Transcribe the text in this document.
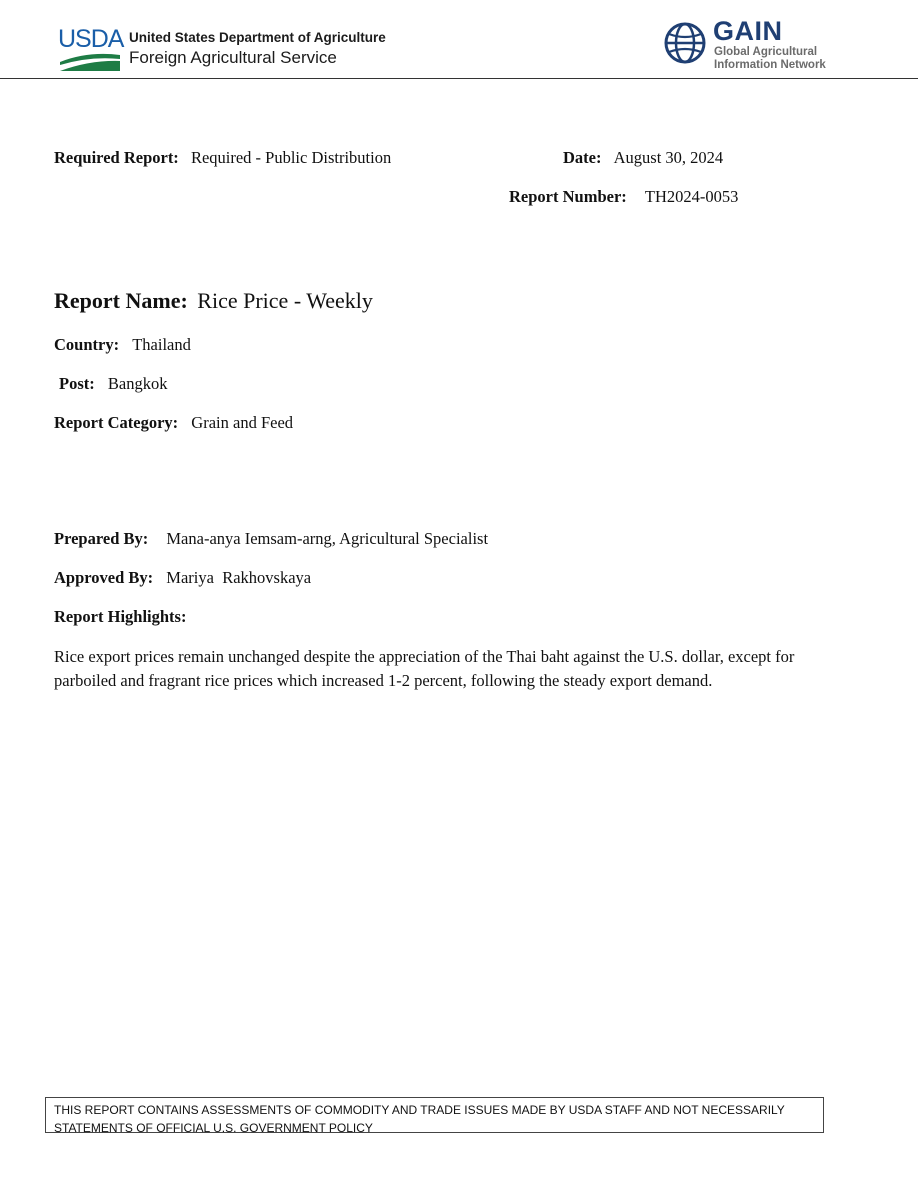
USDA United States Department of Agriculture
Foreign Agricultural Service
GAIN
Global Agricultural
Information Network
Required Report: Required - Public Distribution	Date: August 30, 2024
Report Number: TH2024-0053
Report Name: Rice Price - Weekly
Country: Thailand
Post: Bangkok
Report Category: Grain and Feed
Prepared By: Mana-anya Iemsam-arng, Agricultural Specialist
Approved By: Mariya  Rakhovskaya
Report Highlights:
Rice export prices remain unchanged despite the appreciation of the Thai baht against the U.S. dollar, except for parboiled and fragrant rice prices which increased 1-2 percent, following the steady export demand.
THIS REPORT CONTAINS ASSESSMENTS OF COMMODITY AND TRADE ISSUES MADE BY USDA STAFF AND NOT NECESSARILY STATEMENTS OF OFFICIAL U.S. GOVERNMENT POLICY
